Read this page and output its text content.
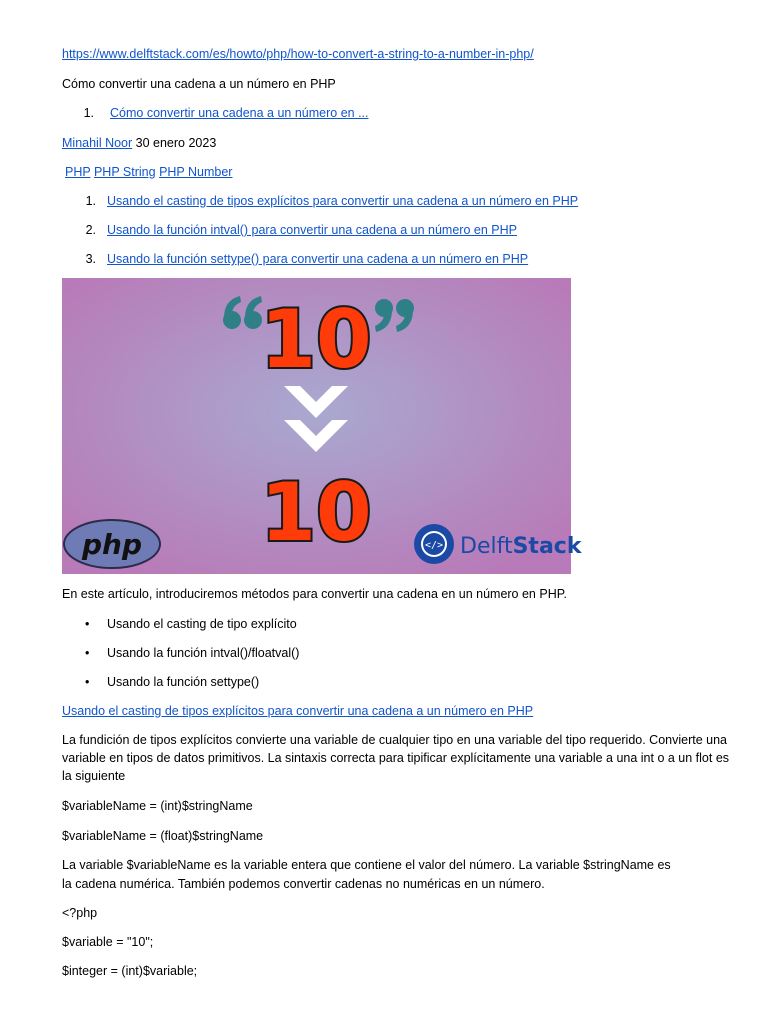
https://www.delftstack.com/es/howto/php/how-to-convert-a-string-to-a-number-in-php/
Cómo convertir una cadena a un número en PHP
1. Cómo convertir una cadena a un número en ...
Minahil Noor 30 enero 2023
PHP PHP String PHP Number
1. Usando el casting de tipos explícitos para convertir una cadena a un número en PHP
2. Usando la función intval() para convertir una cadena a un número en PHP
3. Usando la función settype() para convertir una cadena a un número en PHP
10
10
php	</> DelftStack
En este artículo, introduciremos métodos para convertir una cadena en un número en PHP.
• Usando el casting de tipo explícito
• Usando la función intval()/floatval()
• Usando la función settype()
Usando el casting de tipos explícitos para convertir una cadena a un número en PHP
La fundición de tipos explícitos convierte una variable de cualquier tipo en una variable del tipo requerido. Convierte una variable en tipos de datos primitivos. La sintaxis correcta para tipificar explícitamente una variable a una int o a un flot es la siguiente
$variableName = (int)$stringName
$variableName = (float)$stringName
La variable $variableName es la variable entera que contiene el valor del número. La variable $stringName es
la cadena numérica. También podemos convertir cadenas no numéricas en un número.
<?php
$variable = "10";
$integer = (int)$variable;
